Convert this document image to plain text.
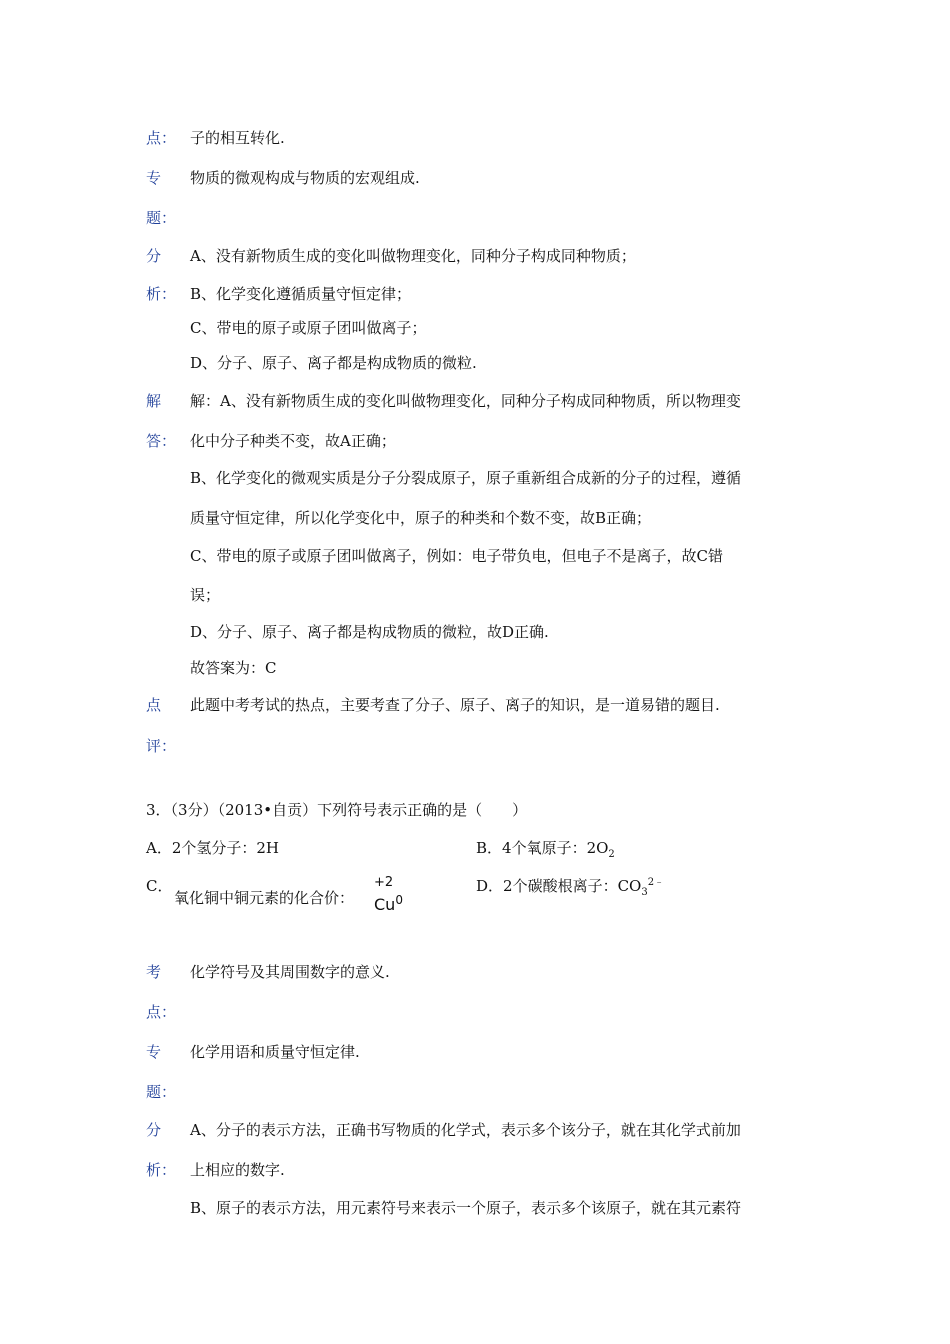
点： 子的相互转化.
专 物质的微观构成与物质的宏观组成.
题：
分 A、没有新物质生成的变化叫做物理变化，同种分子构成同种物质；
析： B、化学变化遵循质量守恒定律；
C、带电的原子或原子团叫做离子；
D、分子、原子、离子都是构成物质的微粒.
解 解：A、没有新物质生成的变化叫做物理变化，同种分子构成同种物质，所以物理变
答： 化中分子种类不变，故A正确；
B、化学变化的微观实质是分子分裂成原子，原子重新组合成新的分子的过程，遵循
质量守恒定律，所以化学变化中，原子的种类和个数不变，故B正确；
C、带电的原子或原子团叫做离子，例如：电子带负电，但电子不是离子，故C错
误；
D、分子、原子、离子都是构成物质的微粒，故D正确.
故答案为：C
点 此题中考考试的热点，主要考查了分子、原子、离子的知识，是一道易错的题目.
评：
3．（3分）（2013•自贡）下列符号表示正确的是（　　）
A．2个氢分子：2H	B．4个氧原子：$2O_2$
C．
氧化铜中铜元素的化合价：
+2
Cu$^0$
D．2个碳酸根离子：$CO_3^{2﹣}$
考 化学符号及其周围数字的意义.
点：
专 化学用语和质量守恒定律.
题：
分 A、分子的表示方法，正确书写物质的化学式，表示多个该分子，就在其化学式前加
析： 上相应的数字.
B、原子的表示方法，用元素符号来表示一个原子，表示多个该原子，就在其元素符
